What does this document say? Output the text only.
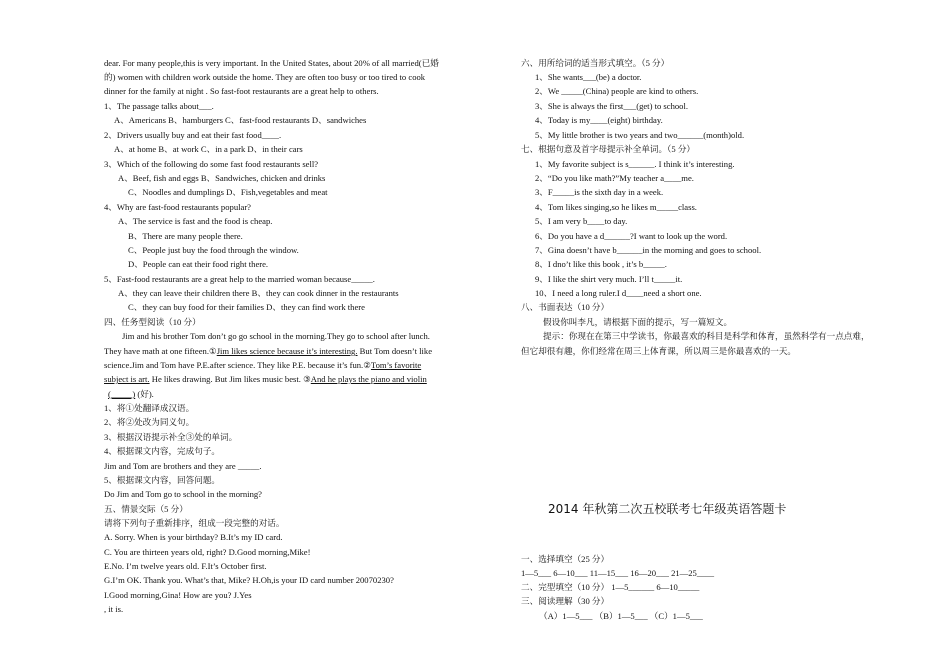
dear. For many people,this is very important. In the United States, about 20% of all married(已婚
的) women with children work outside the home. They are often too busy or too tired to cook
dinner for the family at night . So fast-foot restaurants are a great help to others.
1、The passage talks about___.
A、Americans B、hamburgers C、fast-food restaurants D、sandwiches
2、Drivers usually buy and eat their fast food____.
A、at home B、at work C、in a park D、in their cars
3、Which of the following do some fast food restaurants sell?
A、Beef, fish and eggs B、Sandwiches, chicken and drinks
C、Noodles and dumplings D、Fish,vegetables and meat
4、Why are fast-food restaurants popular?
A、The service is fast and the food is cheap.
B、There are many people there.
C、People just buy the food through the window.
D、People can eat their food right there.
5、Fast-food restaurants are a great help to the married woman because_____.
A、they can leave their children there B、they can cook dinner in the restaurants
C、they can buy food for their families D、they can find work there
四、任务型阅读（10 分）
Jim and his brother Tom don’t go go school in the morning.They go to school after lunch.
They have math at one fifteen.①Jim likes science because it’s interesting. But Tom doesn’t like
science.Jim and Tom have P.E.after science. They like P.E. because it’s fun.②Tom’s favorite
subject is art. He likes drawing. But Jim likes music best. ③And he plays the piano and violin
(_____) (好).
1、将①处翻译成汉语。
2、将②处改为同义句。
3、根据汉语提示补全③处的单词。
4、根据课文内容，完成句子。
Jim and Tom are brothers and they are _____.
5、根据课文内容，回答问题。
Do Jim and Tom go to school in the morning?
五、情景交际（5 分）
请将下列句子重新排序，组成一段完整的对话。
A. Sorry. When is your birthday? B.It’s my ID card.
C. You are thirteen years old, right? D.Good morning,Mike!
E.No. I’m twelve years old. F.It’s October first.
G.I’m OK. Thank you. What’s that, Mike? H.Oh,is your ID card number 20070230?
I.Good morning,Gina! How are you? J.Yes
, it is.
六、用所给词的适当形式填空。（5 分）
1、She wants___(be) a doctor.
2、We _____(China) people are kind to others.
3、She is always the first___(get) to school.
4、Today is my____(eight) birthday.
5、My little brother is two years and two______(month)old.
七、根据句意及首字母提示补全单词。（5 分）
1、My favorite subject is s______. I think it’s interesting.
2、“Do you like math?”My teacher a____me.
3、F_____is the sixth day in a week.
4、Tom likes singing,so he likes m_____class.
5、I am very b____to day.
6、Do you have a d______?I want to look up the word.
7、Gina doesn’t have b______in the morning and goes to school.
8、I dno’t like this book , it’s b_____.
9、I like the shirt very much. I’ll t_____it.
10、I need a long ruler.I d____need a short one.
八、书面表达（10 分）
假设你叫李凡，请根据下面的提示，写一篇短文。
提示：你现在在第三中学读书，你最喜欢的科目是科学和体育，虽然科学有一点点难，
但它却很有趣，你们经常在周三上体育课，所以周三是你最喜欢的一天。
一、选择填空（25 分）
1—5___ 6—10___ 11—15___ 16—20___ 21—25____
二、完型填空（10 分） 1—5______ 6—10_____
三、阅读理解（30 分）
（A）1—5___ （B）1—5___ （C）1—5___
2014 年秋第二次五校联考七年级英语答题卡
